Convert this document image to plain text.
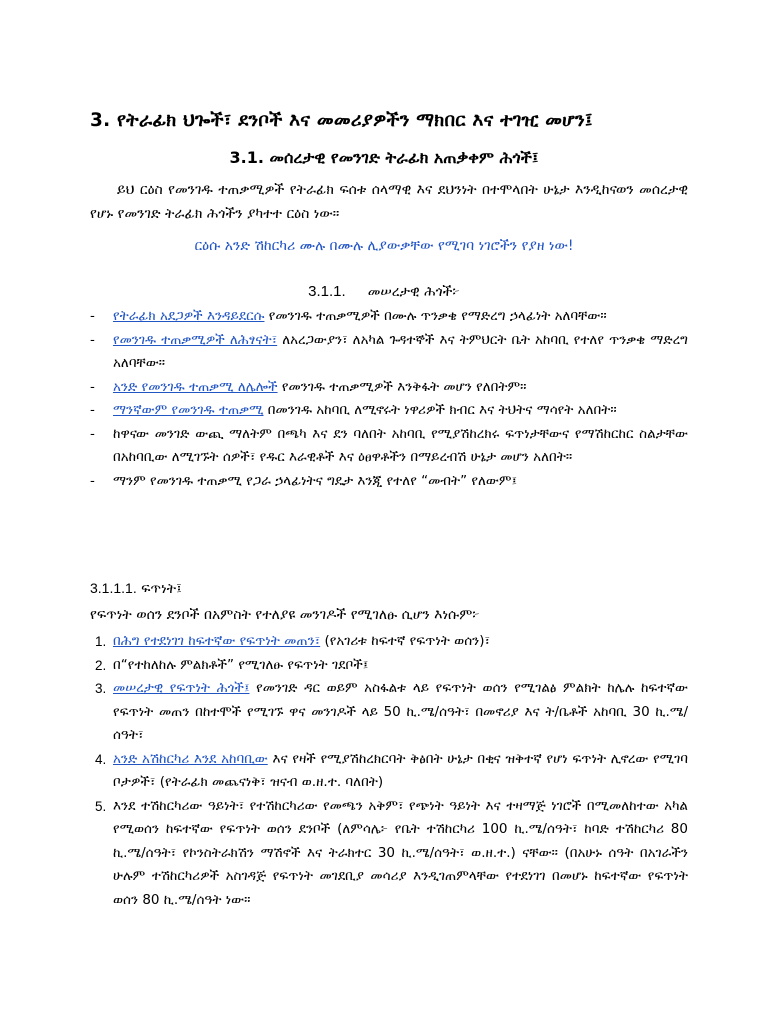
3. የትራፊክ ህጐች፣ ደንቦች እና መመሪያዎችን ማክበር እና ተገዢ መሆን፤
3.1. መሰረታዊ የመንገድ ትራፊክ አጠቃቀም ሕጎች፤
ይህ ርዕስ የመንገዱ ተጠቃሚዎች የትራፊክ ፍሰቱ ሰላማዊ እና ደህንነት በተሞላበት ሁኔታ እንዲከናወን መሰረታዊ የሆኑ የመንገድ ትራፊክ ሕጎችን ያካተተ ርዕስ ነው።
ርዕሱ አንድ ሽከርካሪ ሙሉ በሙሉ ሊያውቃቸው የሚገባ ነገሮችን የያዘ ነው!
3.1.1. መሠረታዊ ሕጎች፦
- የትራፊክ አደጋዎች እንዳይደርሱ የመንገዱ ተጠቃሚዎች በሙሉ ጥንቃቄ የማድረግ ኃላፊነት አለባቸው።
- የመንገዱ ተጠቃሚዎች ለሕፃናት፣ ለአረጋውያን፣ ለአካል ጉዳተኞች እና ትምህርት ቤት አከባቢ የተለየ ጥንቃቄ ማድረግ አለባቸው።
- አንድ የመንገዱ ተጠቃሚ ለሌሎች የመንገዱ ተጠቃሚዎች እንቅፋት መሆን የለበትም።
- ማንኛውም የመንገዱ ተጠቃሚ በመንገዱ አከባቢ ለሚኖሩት ነዋሪዎች ክብር እና ትህትና ማሳየት አለበት።
- ከዋናው መንገድ ውጪ ማለትም በጫካ እና ደን ባለበት አከባቢ የሚያሽከረክሩ ፍጥነታቸውና የማሽከርከር ስልታቸው በአከባቢው ለሚገኙት ሰዎች፣ የዱር እራዊቶች እና ዕፀዋቶችን በማይረብሽ ሁኔታ መሆን አለበት።
- ማንም የመንገዱ ተጠቃሚ የጋራ ኃላፊነትና ግዴታ እንጂ የተለየ “መብት” የለውም፤
3.1.1.1. ፍጥነት፤
የፍጥነት ወሰን ደንቦች በአምስት የተለያዩ መንገዶች የሚገለፁ ሲሆን እነሱም፦
1. በሕግ የተደነገገ ከፍተኛው የፍጥነት መጠን፣ (የአገሪቱ ከፍተኛ የፍጥነት ወሰን)፣
2. በ“የተከለከሉ ምልክቶች” የሚገለፁ የፍጥነት ገደቦች፤
3. መሠረታዊ የፍጥነት ሕጎች፤ የመንገድ ዳር ወይም አስፋልቱ ላይ የፍጥነት ወሰን የሚገልፅ ምልክት ከሌሉ ከፍተኛው የፍጥነት መጠን በከተሞች የሚገኙ ዋና መንገዶች ላይ 50 ኪ.ሜ/ሰዓት፣ በመኖሪያ እና ት/ቤቶች አከባቢ 30 ኪ.ሜ/ ሰዓት፣
4. አንድ አሽከርካሪ እንደ አከባቢው እና የዛች የሚያሽከረክርባት ቅፅበት ሁኔታ በቂና ዝቅተኛ የሆነ ፍጥነት ሊኖረው የሚገባ ቦታዎች፣ (የትራፊክ መጨናነቅ፣ ዝናብ ወ.ዘ.ተ. ባለበት)
5. እንደ ተሽከርካሪው ዓይነት፣ የተሽከርካሪው የመጫን አቅም፣ የጭነት ዓይነት እና ተዛማጅ ነገሮች በሚመለከተው አካል የሚወሰን ከፍተኛው የፍጥነት ወሰን ደንቦች (ለምሳሌ፦ የቤት ተሽከርካሪ 100 ኪ.ሜ/ሰዓት፣ ከባድ ተሽከርካሪ 80 ኪ.ሜ/ሰዓት፣ የኮንስትራክሽን ማሽኖች እና ትራክተር 30 ኪ.ሜ/ሰዓት፣ ወ.ዘ.ተ.) ናቸው። (በአሁኑ ሰዓት በአገራችን ሁሉም ተሽከርካሪዎች አስገዳጅ የፍጥነት መገደቢያ መሳሪያ እንዲገጠምላቸው የተደነገገ በመሆኑ ከፍተኛው የፍጥነት ወሰን 80 ኪ.ሜ/ሰዓት ነው።
